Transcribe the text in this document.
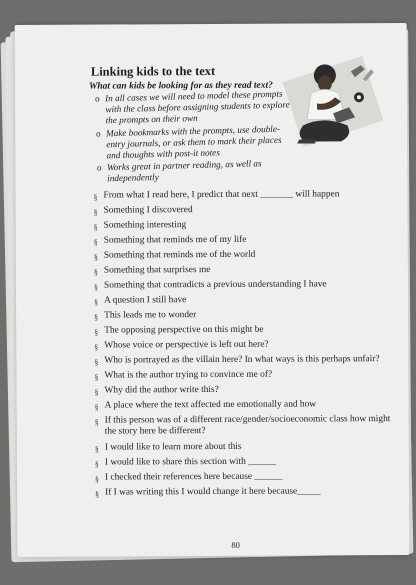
Linking kids to the text

What can kids be looking for as they read text?

o In all cases we will need to model these prompts with the class before assigning students to explore the prompts on their own
o Make bookmarks with the prompts, use double-entry journals, or ask them to mark their places and thoughts with post-it notes
o Works great in partner reading, as well as independently
§ From what I read here, I predict that next _______ will happen
§ Something I discovered
§ Something interesting
§ Something that reminds me of my life
§ Something that reminds me of the world
§ Something that surprises me
§ Something that contradicts a previous understanding I have
§ A question I still have
§ This leads me to wonder
§ The opposing perspective on this might be
§ Whose voice or perspective is left out here?
§ Who is portrayed as the villain here? In what ways is this perhaps unfair?
§ What is the author trying to convince me of?
§ Why did the author write this?
§ A place where the text affected me emotionally and how
§ If this person was of a different race/gender/socioeconomic class how might the story here be different?
§ I would like to learn more about this
§ I would like to share this section with ______
§ I checked their references here because ______
§ If I was writing this I would change it here because_____
80
